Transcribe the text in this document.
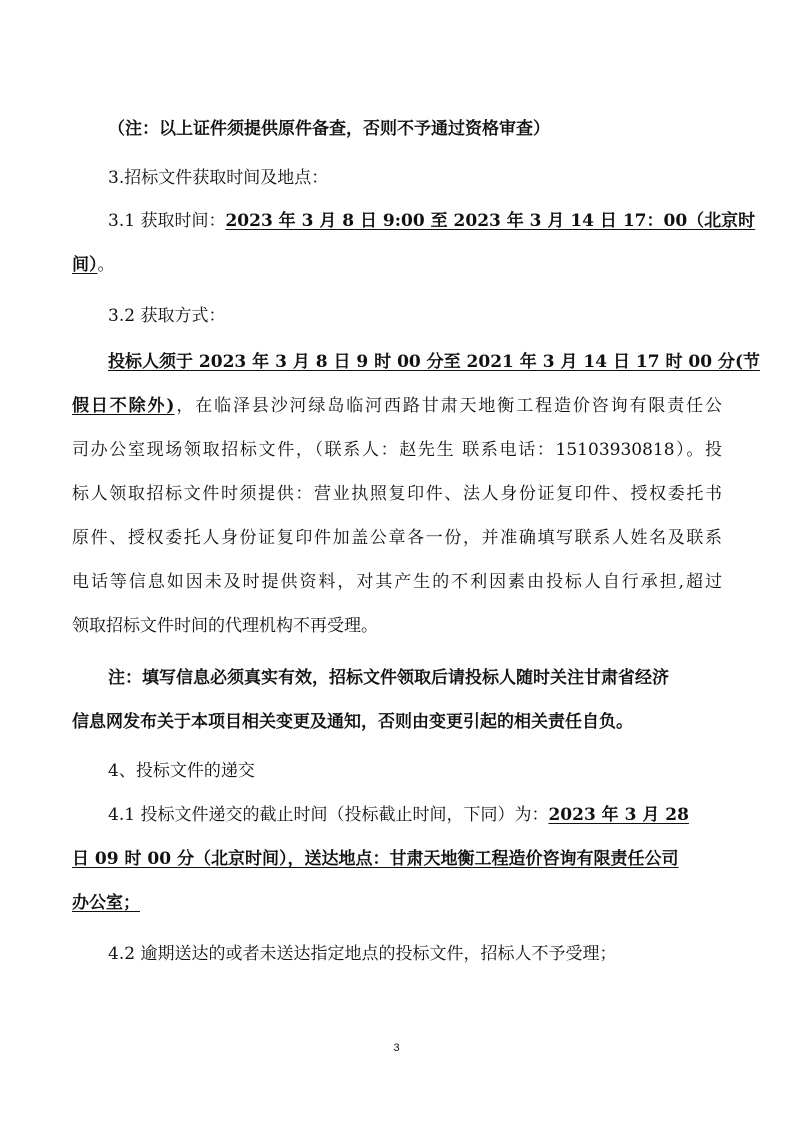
（注：以上证件须提供原件备查，否则不予通过资格审查）
3.招标文件获取时间及地点：
3.1 获取时间：2023 年 3 月 8 日 9:00 至 2023 年 3 月 14 日 17：00（北京时
间）。
3.2 获取方式：
投标人须于 2023 年 3 月 8 日 9 时 00 分至 2021 年 3 月 14 日 17 时 00 分(节
假日不除外)，在临泽县沙河绿岛临河西路甘肃天地衡工程造价咨询有限责任公
司办公室现场领取招标文件，（联系人：赵先生 联系电话：15103930818）。投
标人领取招标文件时须提供：营业执照复印件、法人身份证复印件、授权委托书
原件、授权委托人身份证复印件加盖公章各一份，并准确填写联系人姓名及联系
电话等信息如因未及时提供资料，对其产生的不利因素由投标人自行承担,超过
领取招标文件时间的代理机构不再受理。
注：填写信息必须真实有效，招标文件领取后请投标人随时关注甘肃省经济
信息网发布关于本项目相关变更及通知，否则由变更引起的相关责任自负。
4、投标文件的递交
4.1 投标文件递交的截止时间（投标截止时间，下同）为：2023 年 3 月 28
日 09 时 00 分（北京时间），送达地点：甘肃天地衡工程造价咨询有限责任公司
办公室；
4.2 逾期送达的或者未送达指定地点的投标文件，招标人不予受理；
3
